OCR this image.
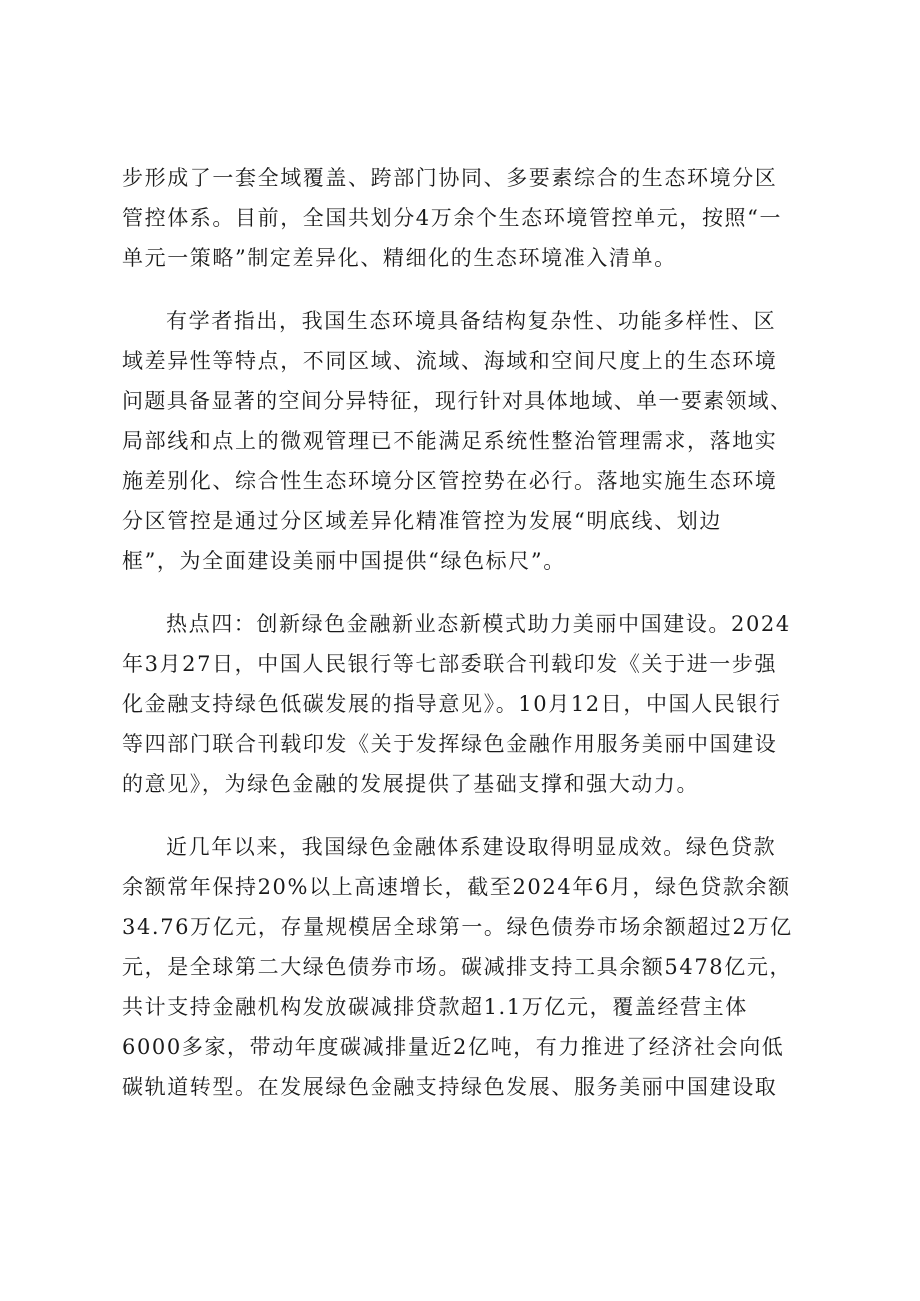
步形成了一套全域覆盖、跨部门协同、多要素综合的生态环境分区
管控体系。目前，全国共划分4万余个生态环境管控单元，按照“一
单元一策略”制定差异化、精细化的生态环境准入清单。
有学者指出，我国生态环境具备结构复杂性、功能多样性、区
域差异性等特点，不同区域、流域、海域和空间尺度上的生态环境
问题具备显著的空间分异特征，现行针对具体地域、单一要素领域、
局部线和点上的微观管理已不能满足系统性整治管理需求，落地实
施差别化、综合性生态环境分区管控势在必行。落地实施生态环境
分区管控是通过分区域差异化精准管控为发展“明底线、划边
框”，为全面建设美丽中国提供“绿色标尺”。
热点四：创新绿色金融新业态新模式助力美丽中国建设。2024
年3月27日，中国人民银行等七部委联合刊载印发《关于进一步强
化金融支持绿色低碳发展的指导意见》。10月12日，中国人民银行
等四部门联合刊载印发《关于发挥绿色金融作用服务美丽中国建设
的意见》，为绿色金融的发展提供了基础支撑和强大动力。
近几年以来，我国绿色金融体系建设取得明显成效。绿色贷款
余额常年保持20%以上高速增长，截至2024年6月，绿色贷款余额
34.76万亿元，存量规模居全球第一。绿色债券市场余额超过2万亿
元，是全球第二大绿色债券市场。碳减排支持工具余额5478亿元，
共计支持金融机构发放碳减排贷款超1.1万亿元，覆盖经营主体
6000多家，带动年度碳减排量近2亿吨，有力推进了经济社会向低
碳轨道转型。在发展绿色金融支持绿色发展、服务美丽中国建设取
